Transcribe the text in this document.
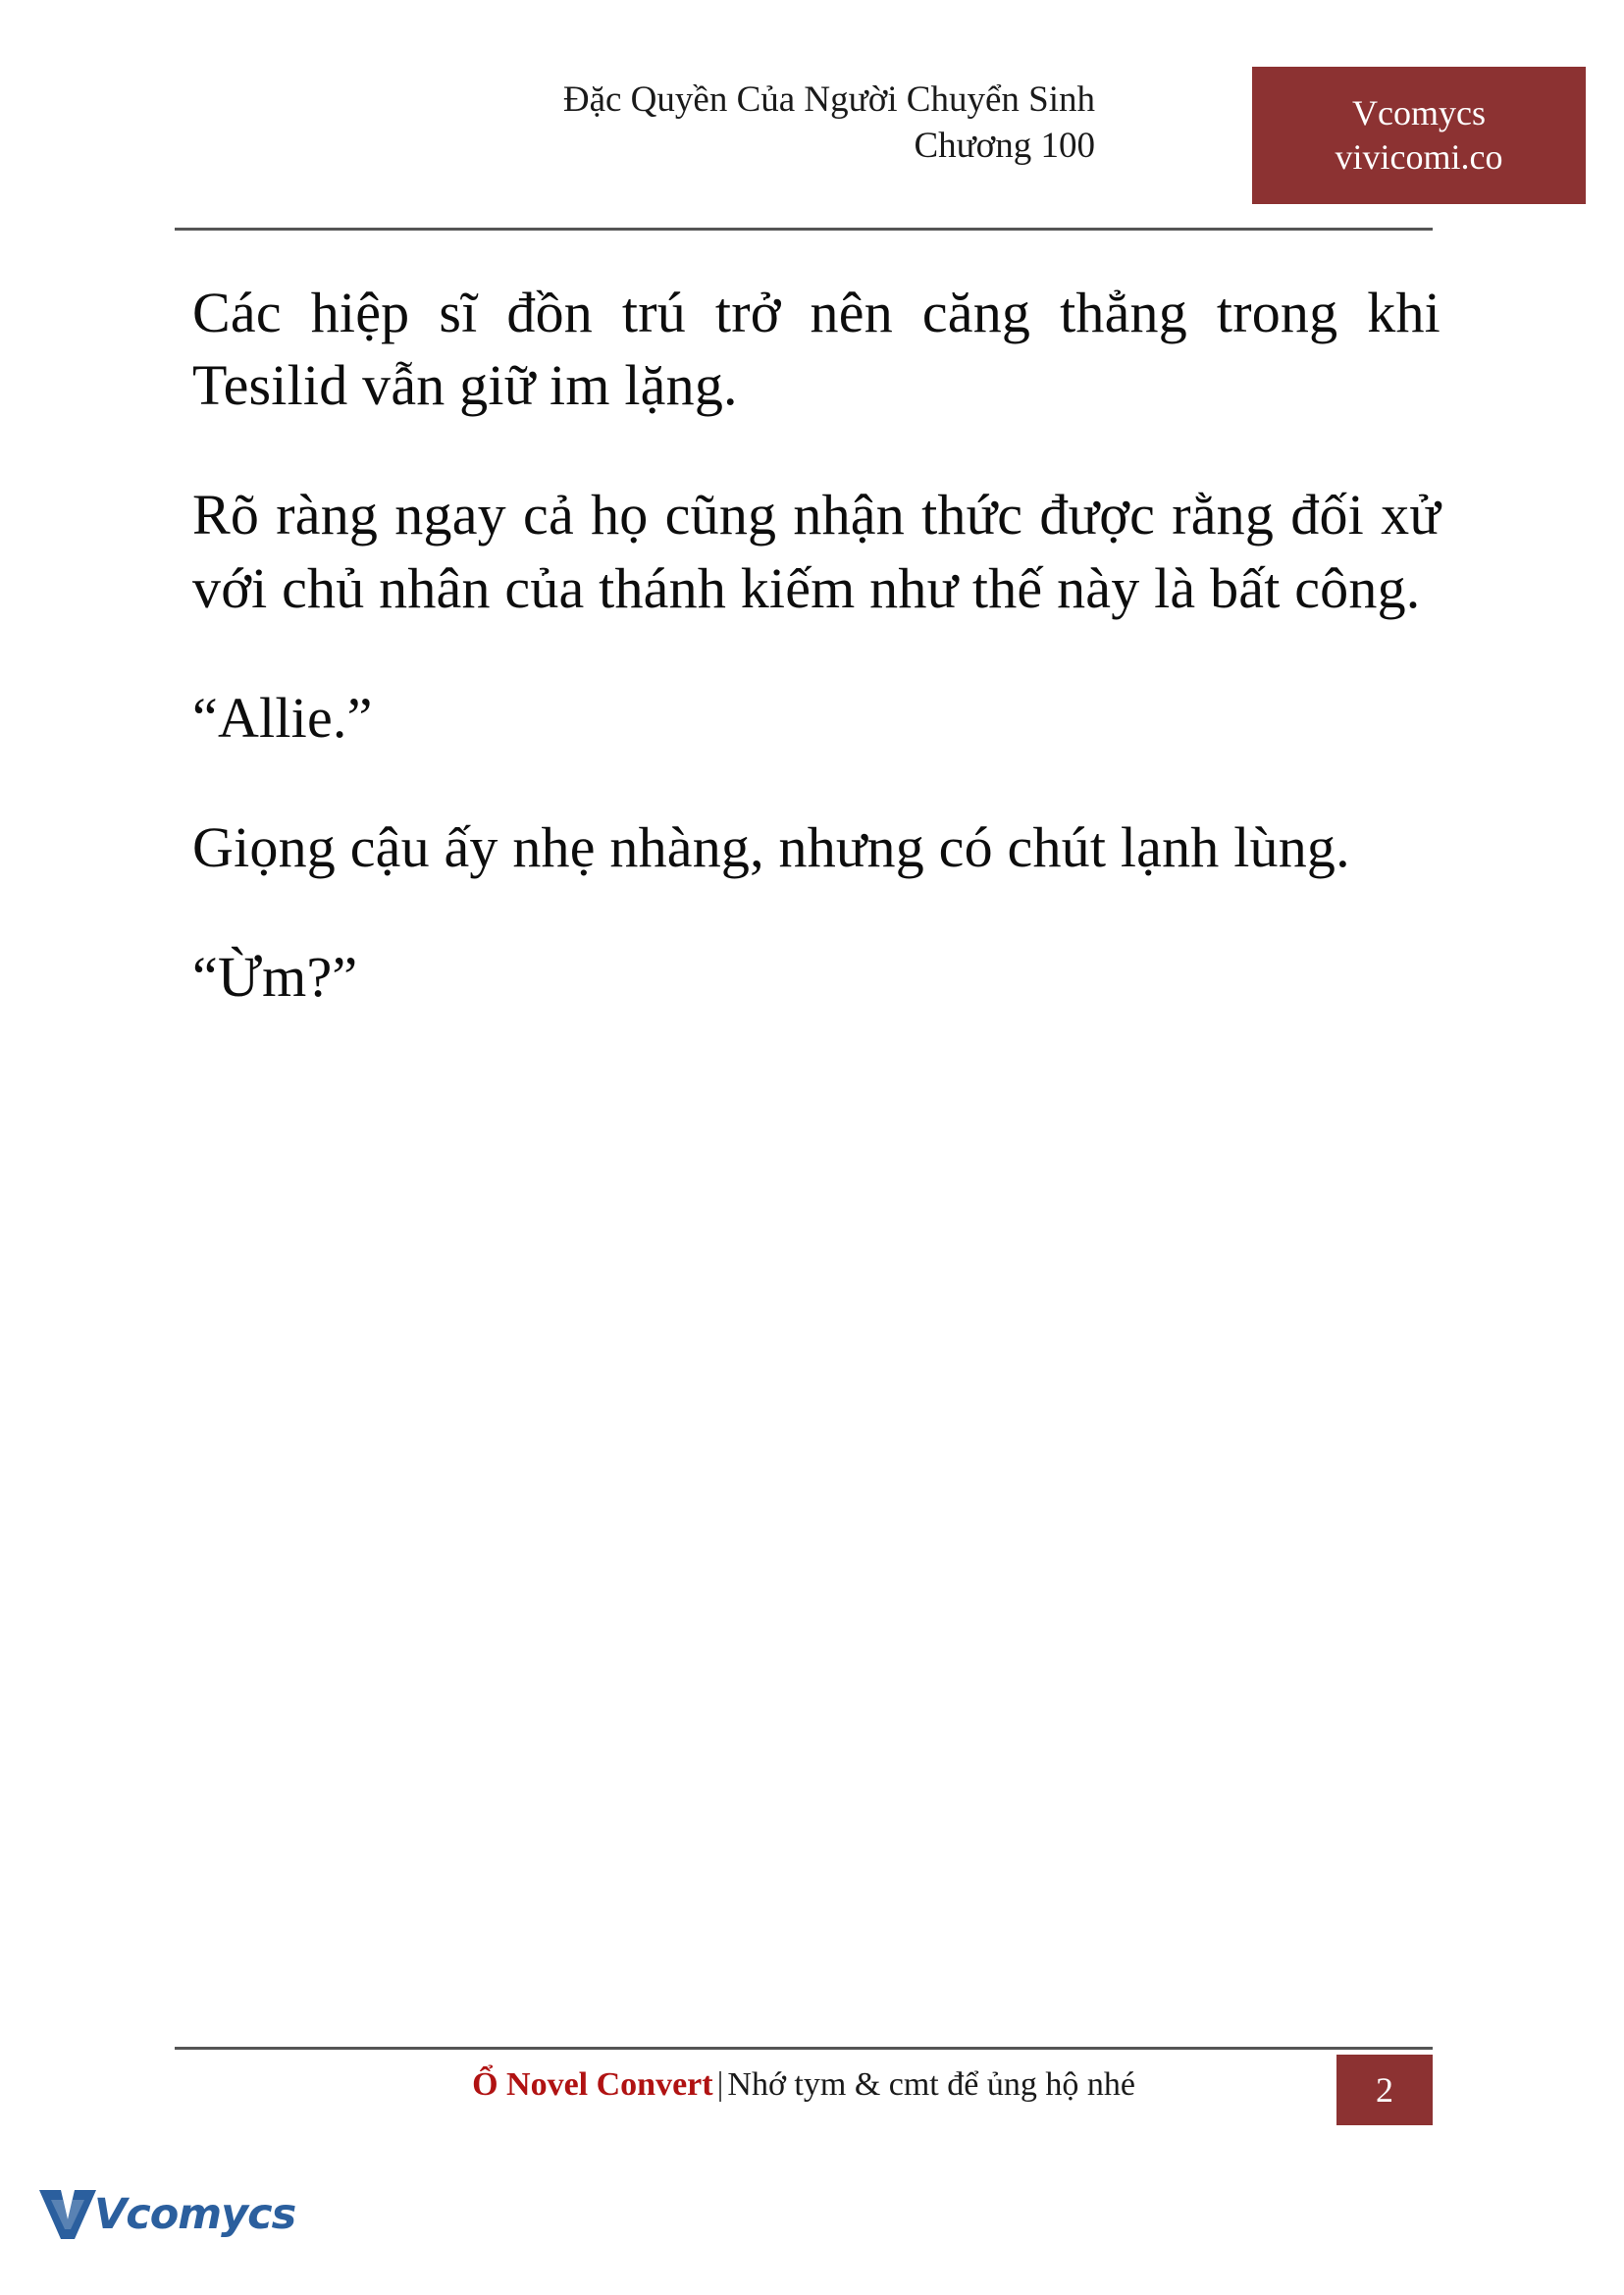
Đặc Quyền Của Người Chuyển Sinh
Chương 100
Vcomycs
vivicomi.co

Các hiệp sĩ đồn trú trở nên căng thẳng trong khi Tesilid vẫn giữ im lặng.

Rõ ràng ngay cả họ cũng nhận thức được rằng đối xử với chủ nhân của thánh kiếm như thế này là bất công.

“Allie.”

Giọng cậu ấy nhẹ nhàng, nhưng có chút lạnh lùng.

“Ừm?”

Ổ Novel Convert | Nhớ tym & cmt để ủng hộ nhé	2
Vcomycs
